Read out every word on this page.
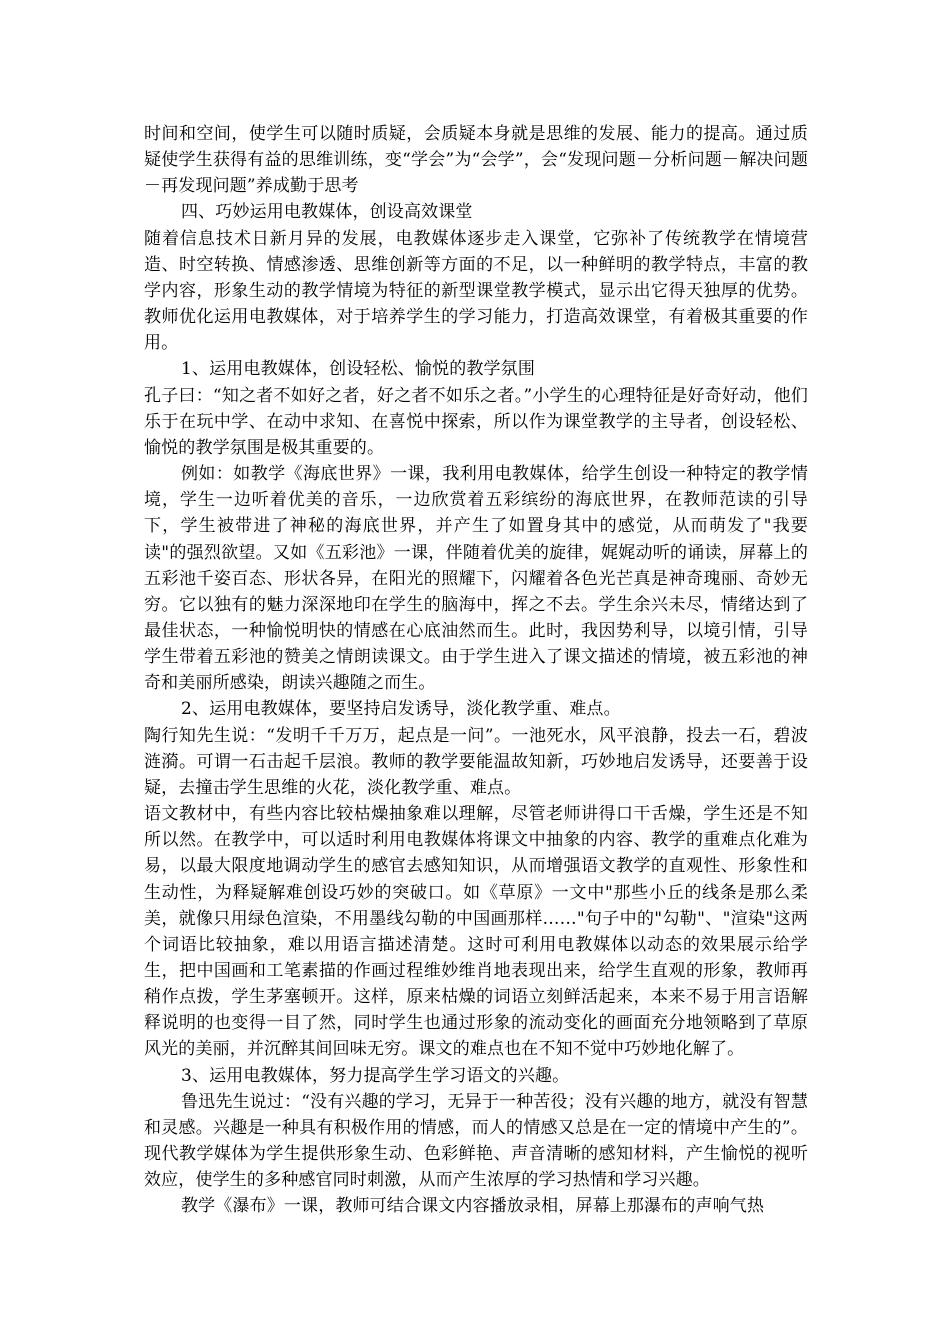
时间和空间，使学生可以随时质疑，会质疑本身就是思维的发展、能力的提高。通过质疑使学生获得有益的思维训练，变“学会”为“会学”，会“发现问题－分析问题－解决问题－再发现问题”养成勤于思考

四、巧妙运用电教媒体，创设高效课堂

随着信息技术日新月异的发展，电教媒体逐步走入课堂，它弥补了传统教学在情境营造、时空转换、情感渗透、思维创新等方面的不足，以一种鲜明的教学特点，丰富的教学内容，形象生动的教学情境为特征的新型课堂教学模式，显示出它得天独厚的优势。教师优化运用电教媒体，对于培养学生的学习能力，打造高效课堂，有着极其重要的作用。

1、运用电教媒体，创设轻松、愉悦的教学氛围

孔子曰：“知之者不如好之者，好之者不如乐之者。”小学生的心理特征是好奇好动，他们乐于在玩中学、在动中求知、在喜悦中探索，所以作为课堂教学的主导者，创设轻松、愉悦的教学氛围是极其重要的。

例如：如教学《海底世界》一课，我利用电教媒体，给学生创设一种特定的教学情境，学生一边听着优美的音乐，一边欣赏着五彩缤纷的海底世界，在教师范读的引导下，学生被带进了神秘的海底世界，并产生了如置身其中的感觉，从而萌发了"我要读"的强烈欲望。又如《五彩池》一课，伴随着优美的旋律，娓娓动听的诵读，屏幕上的五彩池千姿百态、形状各异，在阳光的照耀下，闪耀着各色光芒真是神奇瑰丽、奇妙无穷。它以独有的魅力深深地印在学生的脑海中，挥之不去。学生余兴未尽，情绪达到了最佳状态，一种愉悦明快的情感在心底油然而生。此时，我因势利导，以境引情，引导学生带着五彩池的赞美之情朗读课文。由于学生进入了课文描述的情境，被五彩池的神奇和美丽所感染，朗读兴趣随之而生。

2、运用电教媒体，要坚持启发诱导，淡化教学重、难点。

陶行知先生说：“发明千千万万，起点是一问”。一池死水，风平浪静，投去一石，碧波涟漪。可谓一石击起千层浪。教师的教学要能温故知新，巧妙地启发诱导，还要善于设疑，去撞击学生思维的火花，淡化教学重、难点。

语文教材中，有些内容比较枯燥抽象难以理解，尽管老师讲得口干舌燥，学生还是不知所以然。在教学中，可以适时利用电教媒体将课文中抽象的内容、教学的重难点化难为易，以最大限度地调动学生的感官去感知知识，从而增强语文教学的直观性、形象性和生动性，为释疑解难创设巧妙的突破口。如《草原》一文中"那些小丘的线条是那么柔美，就像只用绿色渲染，不用墨线勾勒的中国画那样……"句子中的"勾勒"、"渲染"这两个词语比较抽象，难以用语言描述清楚。这时可利用电教媒体以动态的效果展示给学生，把中国画和工笔素描的作画过程维妙维肖地表现出来，给学生直观的形象，教师再稍作点拨，学生茅塞顿开。这样，原来枯燥的词语立刻鲜活起来，本来不易于用言语解释说明的也变得一目了然，同时学生也通过形象的流动变化的画面充分地领略到了草原风光的美丽，并沉醉其间回味无穷。课文的难点也在不知不觉中巧妙地化解了。

3、运用电教媒体，努力提高学生学习语文的兴趣。

鲁迅先生说过：“没有兴趣的学习，无异于一种苦役；没有兴趣的地方，就没有智慧和灵感。兴趣是一种具有积极作用的情感，而人的情感又总是在一定的情境中产生的”。现代教学媒体为学生提供形象生动、色彩鲜艳、声音清晰的感知材料，产生愉悦的视听效应，使学生的多种感官同时刺激，从而产生浓厚的学习热情和学习兴趣。

教学《瀑布》一课，教师可结合课文内容播放录相，屏幕上那瀑布的声响气热
